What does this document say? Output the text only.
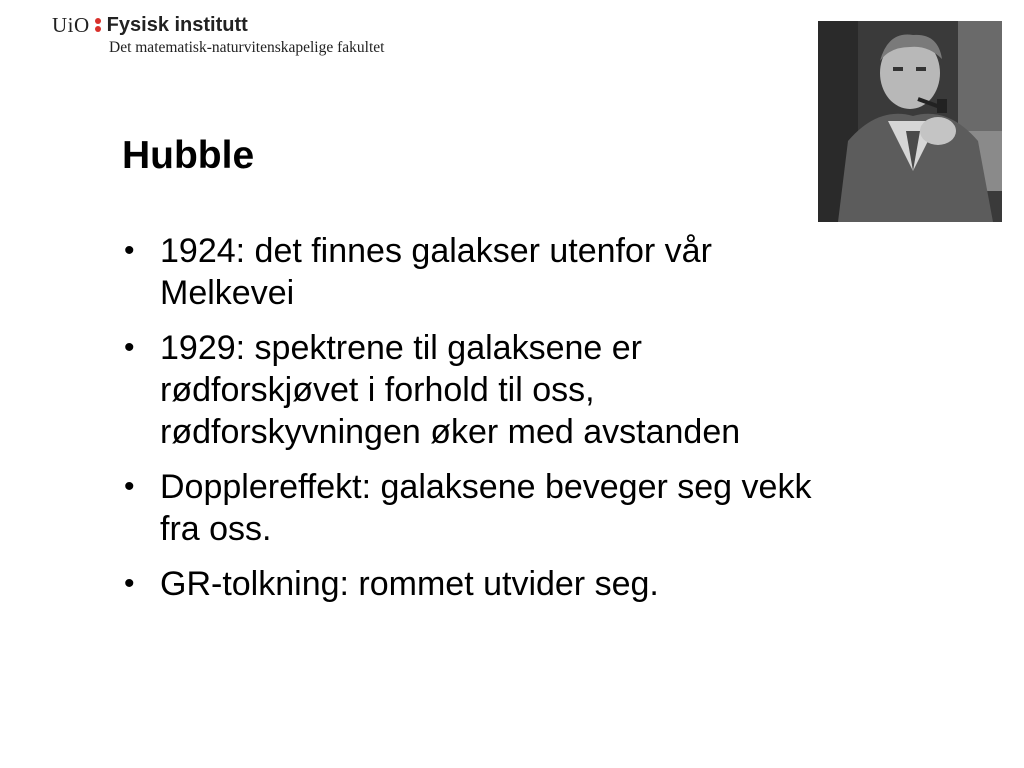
UiO Fysisk institutt
Det matematisk-naturvitenskapelige fakultet
Hubble
• 1924: det finnes galakser utenfor vår
Melkevei
• 1929: spektrene til galaksene er
rødforskjøvet i forhold til oss,
rødforskyvningen øker med avstanden
• Dopplereffekt: galaksene beveger seg vekk
fra oss.
• GR-tolkning: rommet utvider seg.
